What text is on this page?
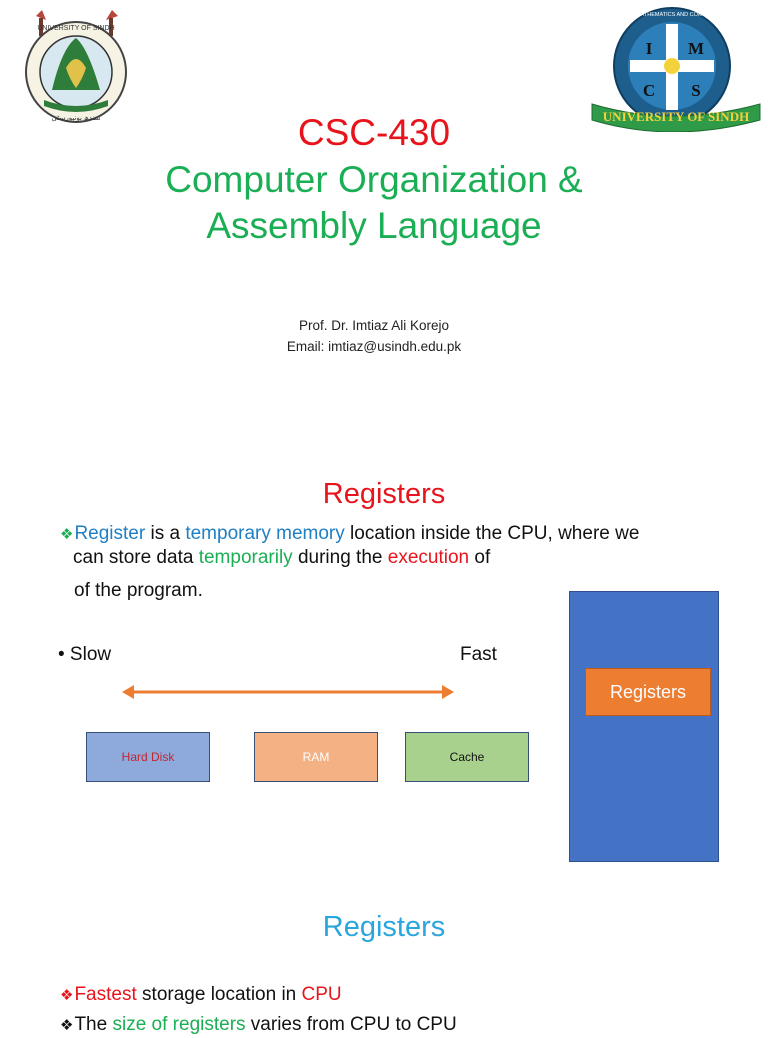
UNIVERSITY OF SINDH
سندھ یونیورسٹی
I M
C S
INSTITUTE OF MATHEMATICS AND COMPUTER SCIENCE
UNIVERSITY OF SINDH
CSC-430
Computer Organization &
Assembly Language
Prof. Dr. Imtiaz Ali Korejo
Email: imtiaz@usindh.edu.pk
Registers
❖Register is a temporary memory location inside the CPU, where we
can store data temporarily during the execution of
of the program.
• Slow	Fast
Hard Disk	RAM	Cache
Registers
Registers
❖Fastest storage location in CPU
❖The size of registers varies from CPU to CPU
